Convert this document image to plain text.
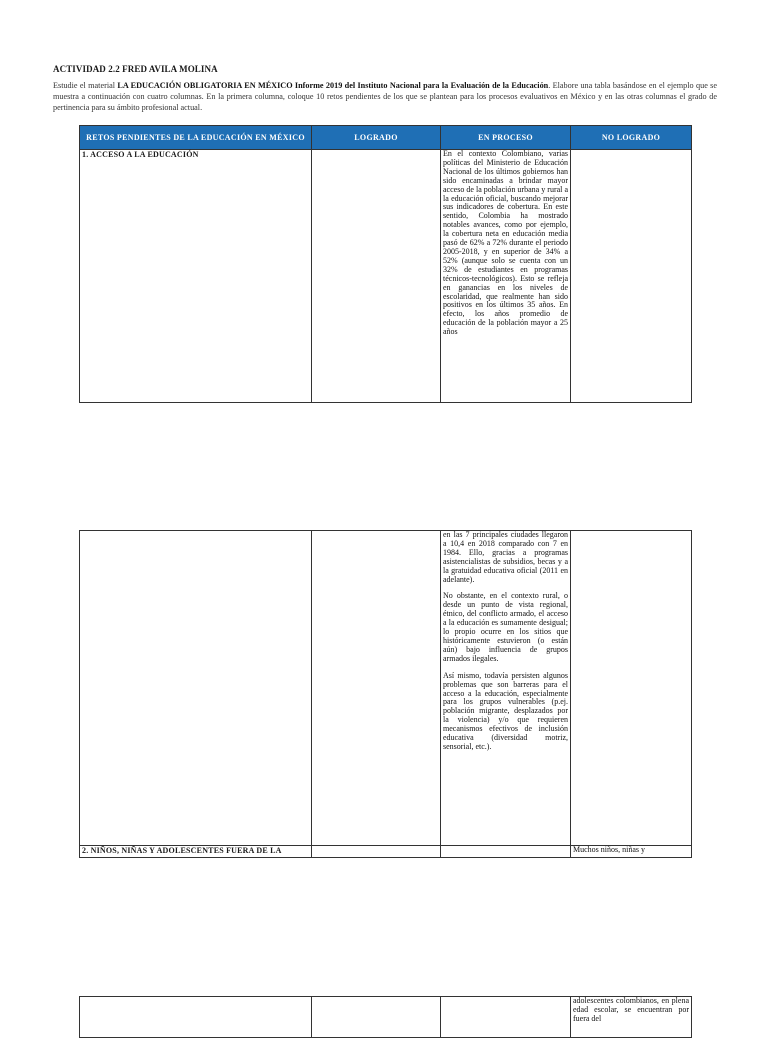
ACTIVIDAD 2.2 FRED AVILA MOLINA
Estudie el material LA EDUCACIÓN OBLIGATORIA EN MÉXICO Informe 2019 del Instituto Nacional para la Evaluación de la Educación. Elabore una tabla basándose en el ejemplo que se muestra a continuación con cuatro columnas. En la primera columna, coloque 10 retos pendientes de los que se plantean para los procesos evaluativos en México y en las otras columnas el grado de pertinencia para su ámbito profesional actual.
RETOS PENDIENTES DE LA EDUCACIÓN EN MÉXICO	LOGRADO	EN PROCESO	NO LOGRADO
1. ACCESO A LA EDUCACIÓN		En el contexto Colombiano, varias políticas del Ministerio de Educación Nacional de los últimos gobiernos han sido encaminadas a brindar mayor acceso de la población urbana y rural a la educación oficial, buscando mejorar sus indicadores de cobertura. En este sentido, Colombia ha mostrado notables avances, como por ejemplo, la cobertura neta en educación media pasó de 62% a 72% durante el periodo 2005-2018, y en superior de 34% a 52% (aunque solo se cuenta con un 32% de estudiantes en programas técnicos-tecnológicos). Esto se refleja en ganancias en los niveles de escolaridad, que realmente han sido positivos en los últimos 35 años. En efecto, los años promedio de educación de la población mayor a 25 años	

		en las 7 principales ciudades llegaron a 10,4 en 2018 comparado con 7 en 1984. Ello, gracias a programas asistencialistas de subsidios, becas y a la gratuidad educativa oficial (2011 en adelante).

No obstante, en el contexto rural, o desde un punto de vista regional, étnico, del conflicto armado, el acceso a la educación es sumamente desigual; lo propio ocurre en los sitios que históricamente estuvieron (o están aún) bajo influencia de grupos armados ilegales.

Así mismo, todavía persisten algunos problemas que son barreras para el acceso a la educación, especialmente para los grupos vulnerables (p.ej. población migrante, desplazados por la violencia) y/o que requieren mecanismos efectivos de inclusión educativa (diversidad motriz, sensorial, etc.).	

2. NIÑOS, NIÑAS Y ADOLESCENTES FUERA DE LA			Muchos niños, niñas y
			adolescentes colombianos, en plena edad escolar, se encuentran por fuera del
